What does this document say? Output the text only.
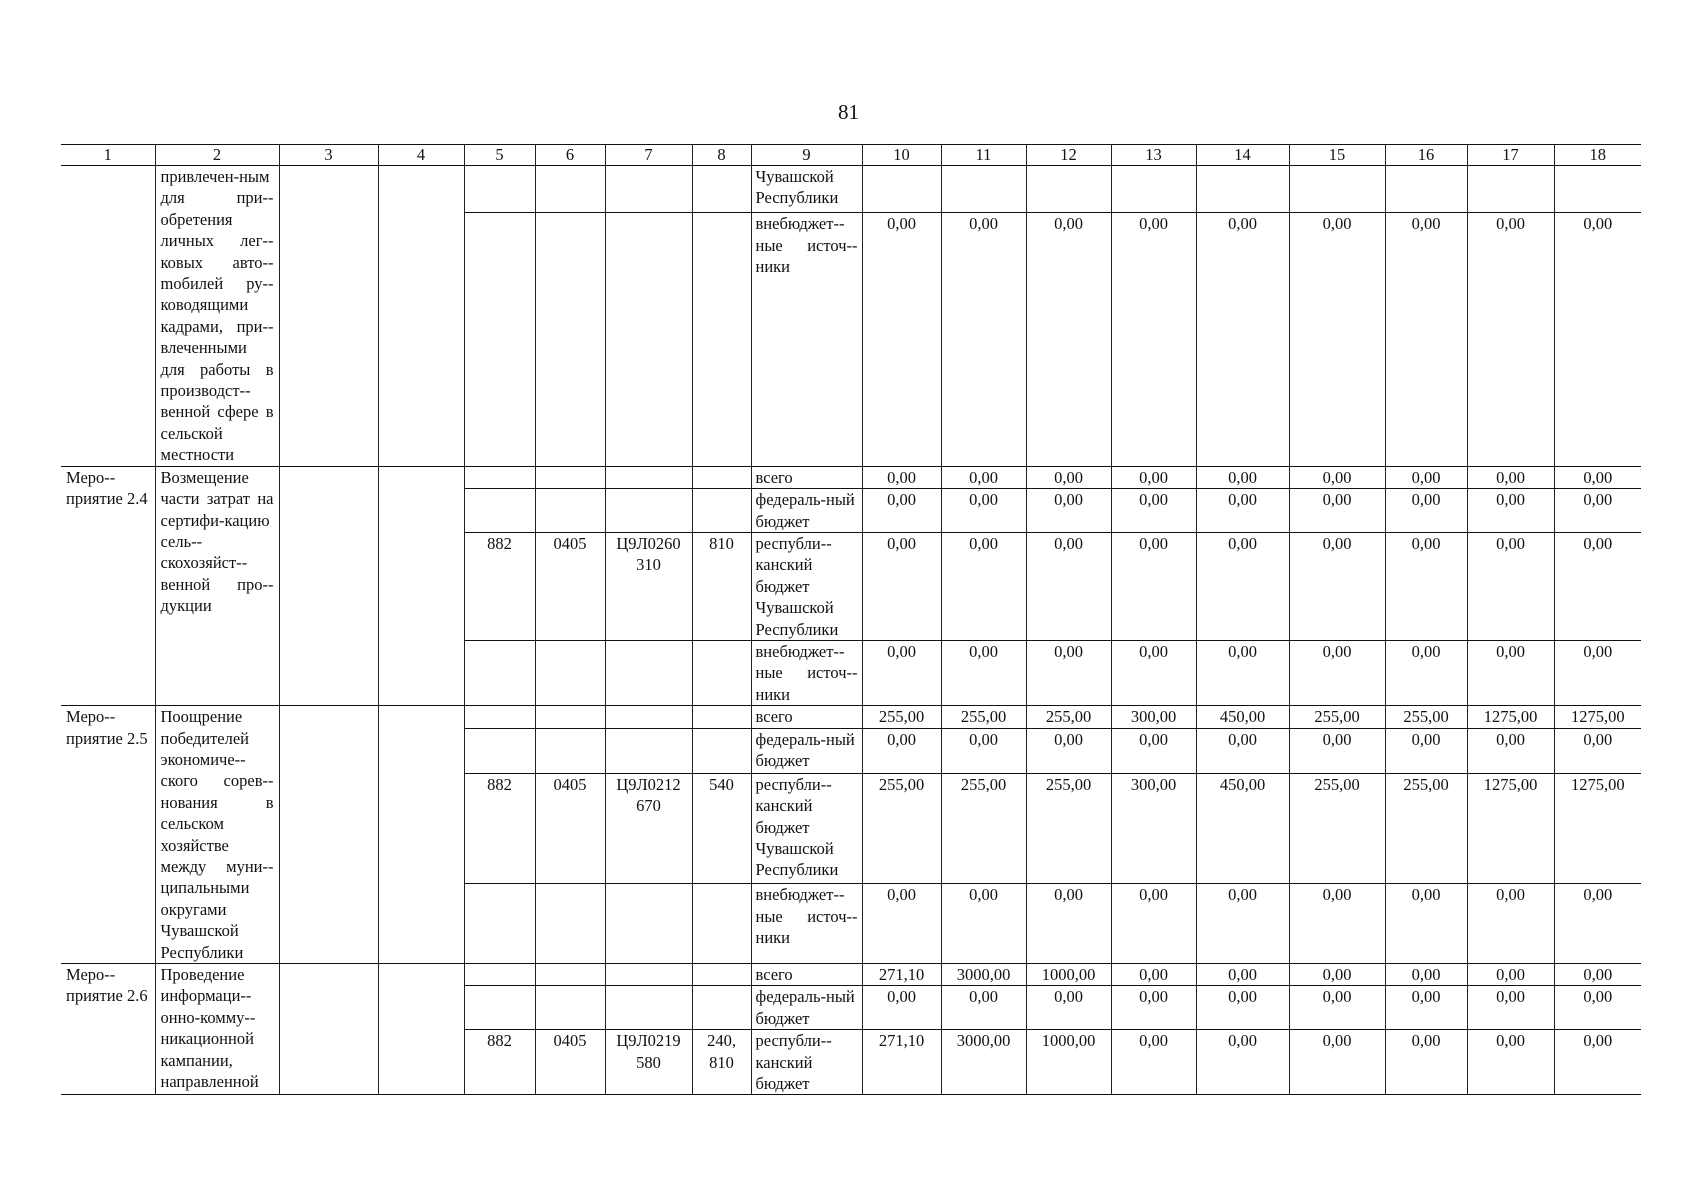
81
1	2	3	4	5	6	7	8	9	10	11	12	13	14	15	16	17	18
	привлечен-ным для при-обретения личных лег-ковых авто-mобилей ру-ководящими кадрами, при-влеченными для работы в производст-венной сфере в сельской местности							Чувашской Республики									
								внебюджет-ные источ-ники	0,00	0,00	0,00	0,00	0,00	0,00	0,00	0,00	0,00
Меро-приятие 2.4	Возмещение части затрат на сертифи-кацию сель-скохозяйст-венной про-дукции							всего	0,00	0,00	0,00	0,00	0,00	0,00	0,00	0,00	0,00
								федераль-ный бюджет	0,00	0,00	0,00	0,00	0,00	0,00	0,00	0,00	0,00
				882	0405	Ц9Л0260 310	810	республи-канский бюджет Чувашской Республики	0,00	0,00	0,00	0,00	0,00	0,00	0,00	0,00	0,00
								внебюджет-ные источ-ники	0,00	0,00	0,00	0,00	0,00	0,00	0,00	0,00	0,00
Меро-приятие 2.5	Поощрение победителей экономиче-ского сорев-нования в сельском хозяйстве между муни-ципальными округами Чувашской Республики							всего	255,00	255,00	255,00	300,00	450,00	255,00	255,00	1275,00	1275,00
								федераль-ный бюджет	0,00	0,00	0,00	0,00	0,00	0,00	0,00	0,00	0,00
				882	0405	Ц9Л0212 670	540	республи-канский бюджет Чувашской Республики	255,00	255,00	255,00	300,00	450,00	255,00	255,00	1275,00	1275,00
								внебюджет-ные источ-ники	0,00	0,00	0,00	0,00	0,00	0,00	0,00	0,00	0,00
Меро-приятие 2.6	Проведение информаци-онно-комму-никационной кампании, направленной							всего	271,10	3000,00	1000,00	0,00	0,00	0,00	0,00	0,00	0,00
								федераль-ный бюджет	0,00	0,00	0,00	0,00	0,00	0,00	0,00	0,00	0,00
				882	0405	Ц9Л0219 580	240, 810	республи-канский бюджет	271,10	3000,00	1000,00	0,00	0,00	0,00	0,00	0,00	0,00
